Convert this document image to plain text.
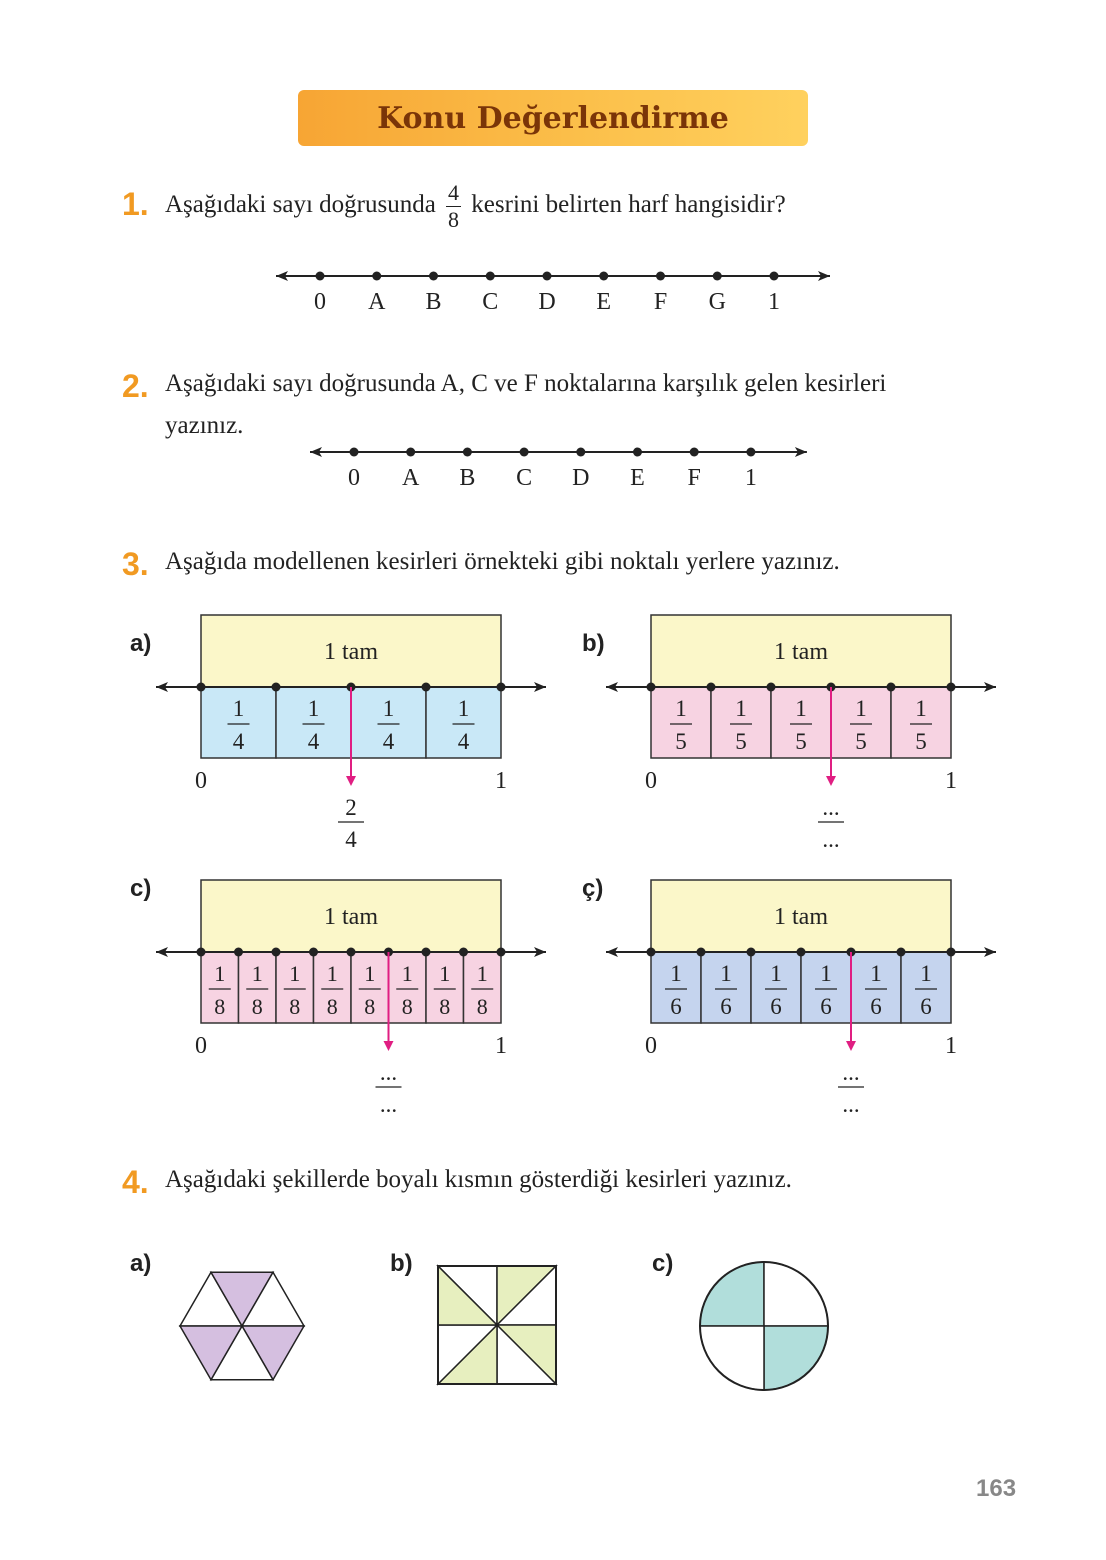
Konu Değerlendirme
1. Aşağıdaki sayı doğrusunda $\frac{4}{8}$ kesrini belirten harf hangisidir?
0 A B C D E F G 1
2. Aşağıdaki sayı doğrusunda A, C ve F noktalarına karşılık gelen kesirleri
yazınız.
0 A B C D E F 1
3. Aşağıda modellenen kesirleri örnekteki gibi noktalı yerlere yazınız.
a)	b)
c)	ç)
1 tam
1
4
1
4
1
4
1
4
0	1
2
4
1 tam
1
5
1
5
1
5
1
5
1
5
0	1
...
...
1 tam
1
8
1
8
1
8
1
8
1
8
1
8
1
8
1
8
0	1
...
...
1 tam
1
6
1
6
1
6
1
6
1
6
1
6
0	1
...
...
4. Aşağıdaki şekillerde boyalı kısmın gösterdiği kesirleri yazınız.
a)	b)	c)
163
